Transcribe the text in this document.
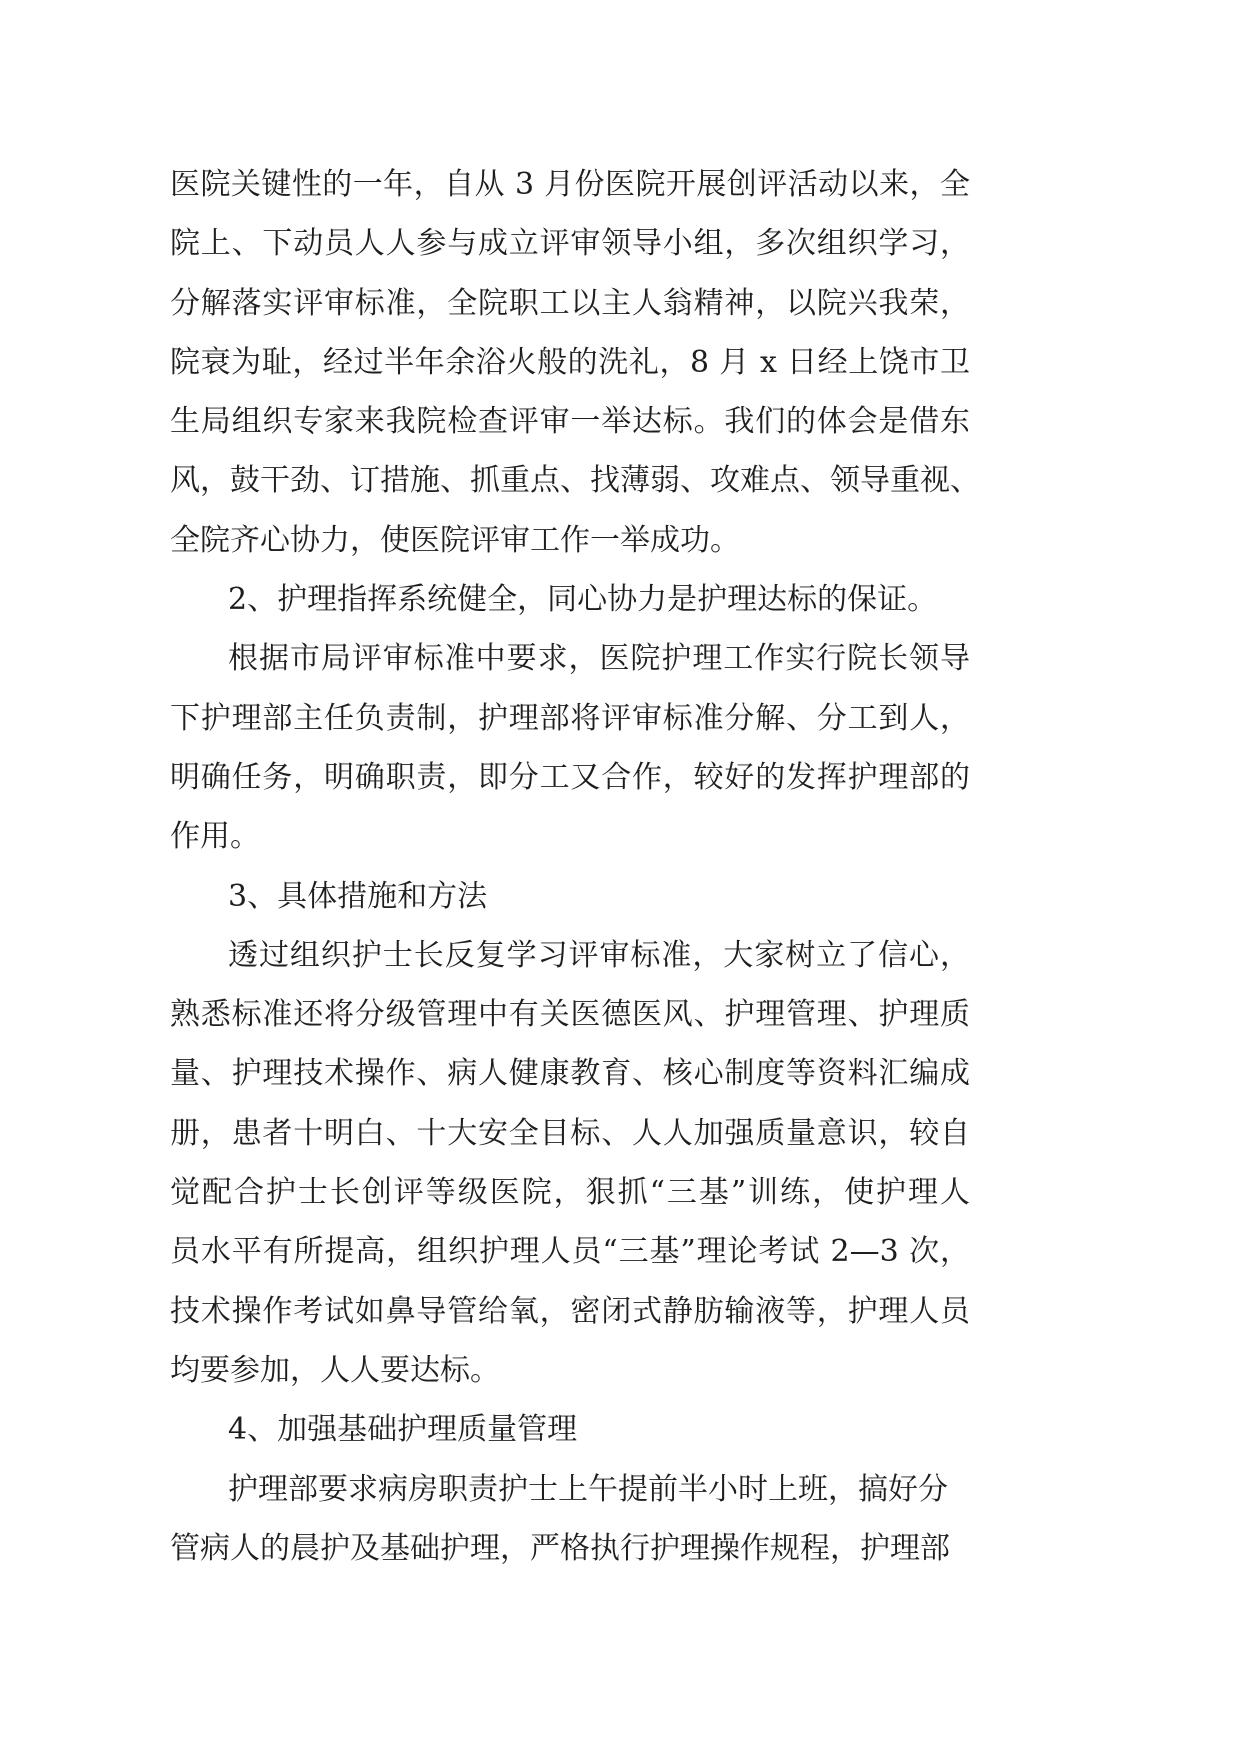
医院关键性的一年，自从 3 月份医院开展创评活动以来，全
院上、下动员人人参与成立评审领导小组，多次组织学习，
分解落实评审标准，全院职工以主人翁精神，以院兴我荣，
院衰为耻，经过半年余浴火般的洗礼，8 月 x 日经上饶市卫
生局组织专家来我院检查评审一举达标。我们的体会是借东
风，鼓干劲、订措施、抓重点、找薄弱、攻难点、领导重视、
全院齐心协力，使医院评审工作一举成功。
2、护理指挥系统健全，同心协力是护理达标的保证。
根据市局评审标准中要求，医院护理工作实行院长领导
下护理部主任负责制，护理部将评审标准分解、分工到人，
明确任务，明确职责，即分工又合作，较好的发挥护理部的
作用。
3、具体措施和方法
透过组织护士长反复学习评审标准，大家树立了信心，
熟悉标准还将分级管理中有关医德医风、护理管理、护理质
量、护理技术操作、病人健康教育、核心制度等资料汇编成
册，患者十明白、十大安全目标、人人加强质量意识，较自
觉配合护士长创评等级医院，狠抓“三基”训练，使护理人
员水平有所提高，组织护理人员“三基”理论考试 2—3 次，
技术操作考试如鼻导管给氧，密闭式静肪输液等，护理人员
均要参加，人人要达标。
4、加强基础护理质量管理
护理部要求病房职责护士上午提前半小时上班，搞好分
管病人的晨护及基础护理，严格执行护理操作规程，护理部
